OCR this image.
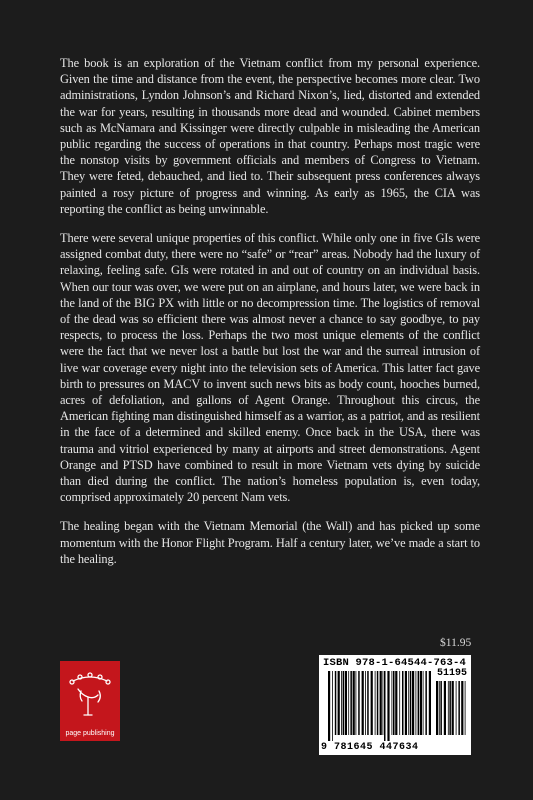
The book is an exploration of the Vietnam conflict from my personal experience. Given the time and distance from the event, the perspective becomes more clear. Two administrations, Lyndon Johnson’s and Richard Nixon’s, lied, distorted and extended the war for years, resulting in thousands more dead and wounded. Cabinet members such as McNamara and Kissinger were directly culpable in misleading the American public regarding the success of operations in that country. Perhaps most tragic were the nonstop visits by government officials and members of Congress to Vietnam. They were feted, debauched, and lied to. Their subsequent press conferences always painted a rosy picture of progress and winning. As early as 1965, the CIA was reporting the conflict as being unwinnable.

There were several unique properties of this conflict. While only one in five GIs were assigned combat duty, there were no “safe” or “rear” areas. Nobody had the luxury of relaxing, feeling safe. GIs were rotated in and out of country on an individual basis. When our tour was over, we were put on an airplane, and hours later, we were back in the land of the BIG PX with little or no decompression time. The logistics of removal of the dead was so efficient there was almost never a chance to say goodbye, to pay respects, to process the loss. Perhaps the two most unique elements of the conflict were the fact that we never lost a battle but lost the war and the surreal intrusion of live war coverage every night into the television sets of America. This latter fact gave birth to pressures on MACV to invent such news bits as body count, hooches burned, acres of defoliation, and gallons of Agent Orange. Throughout this circus, the American fighting man distinguished himself as a warrior, as a patriot, and as resilient in the face of a determined and skilled enemy. Once back in the USA, there was trauma and vitriol experienced by many at airports and street demonstrations. Agent Orange and PTSD have combined to result in more Vietnam vets dying by suicide than died during the conflict. The nation’s homeless population is, even today, comprised approximately 20 percent Nam vets.

The healing began with the Vietnam Memorial (the Wall) and has picked up some momentum with the Honor Flight Program. Half a century later, we’ve made a start to the healing.

page publishing
$11.95
ISBN 978-1-64544-763-4
51195
9 781645 447634
